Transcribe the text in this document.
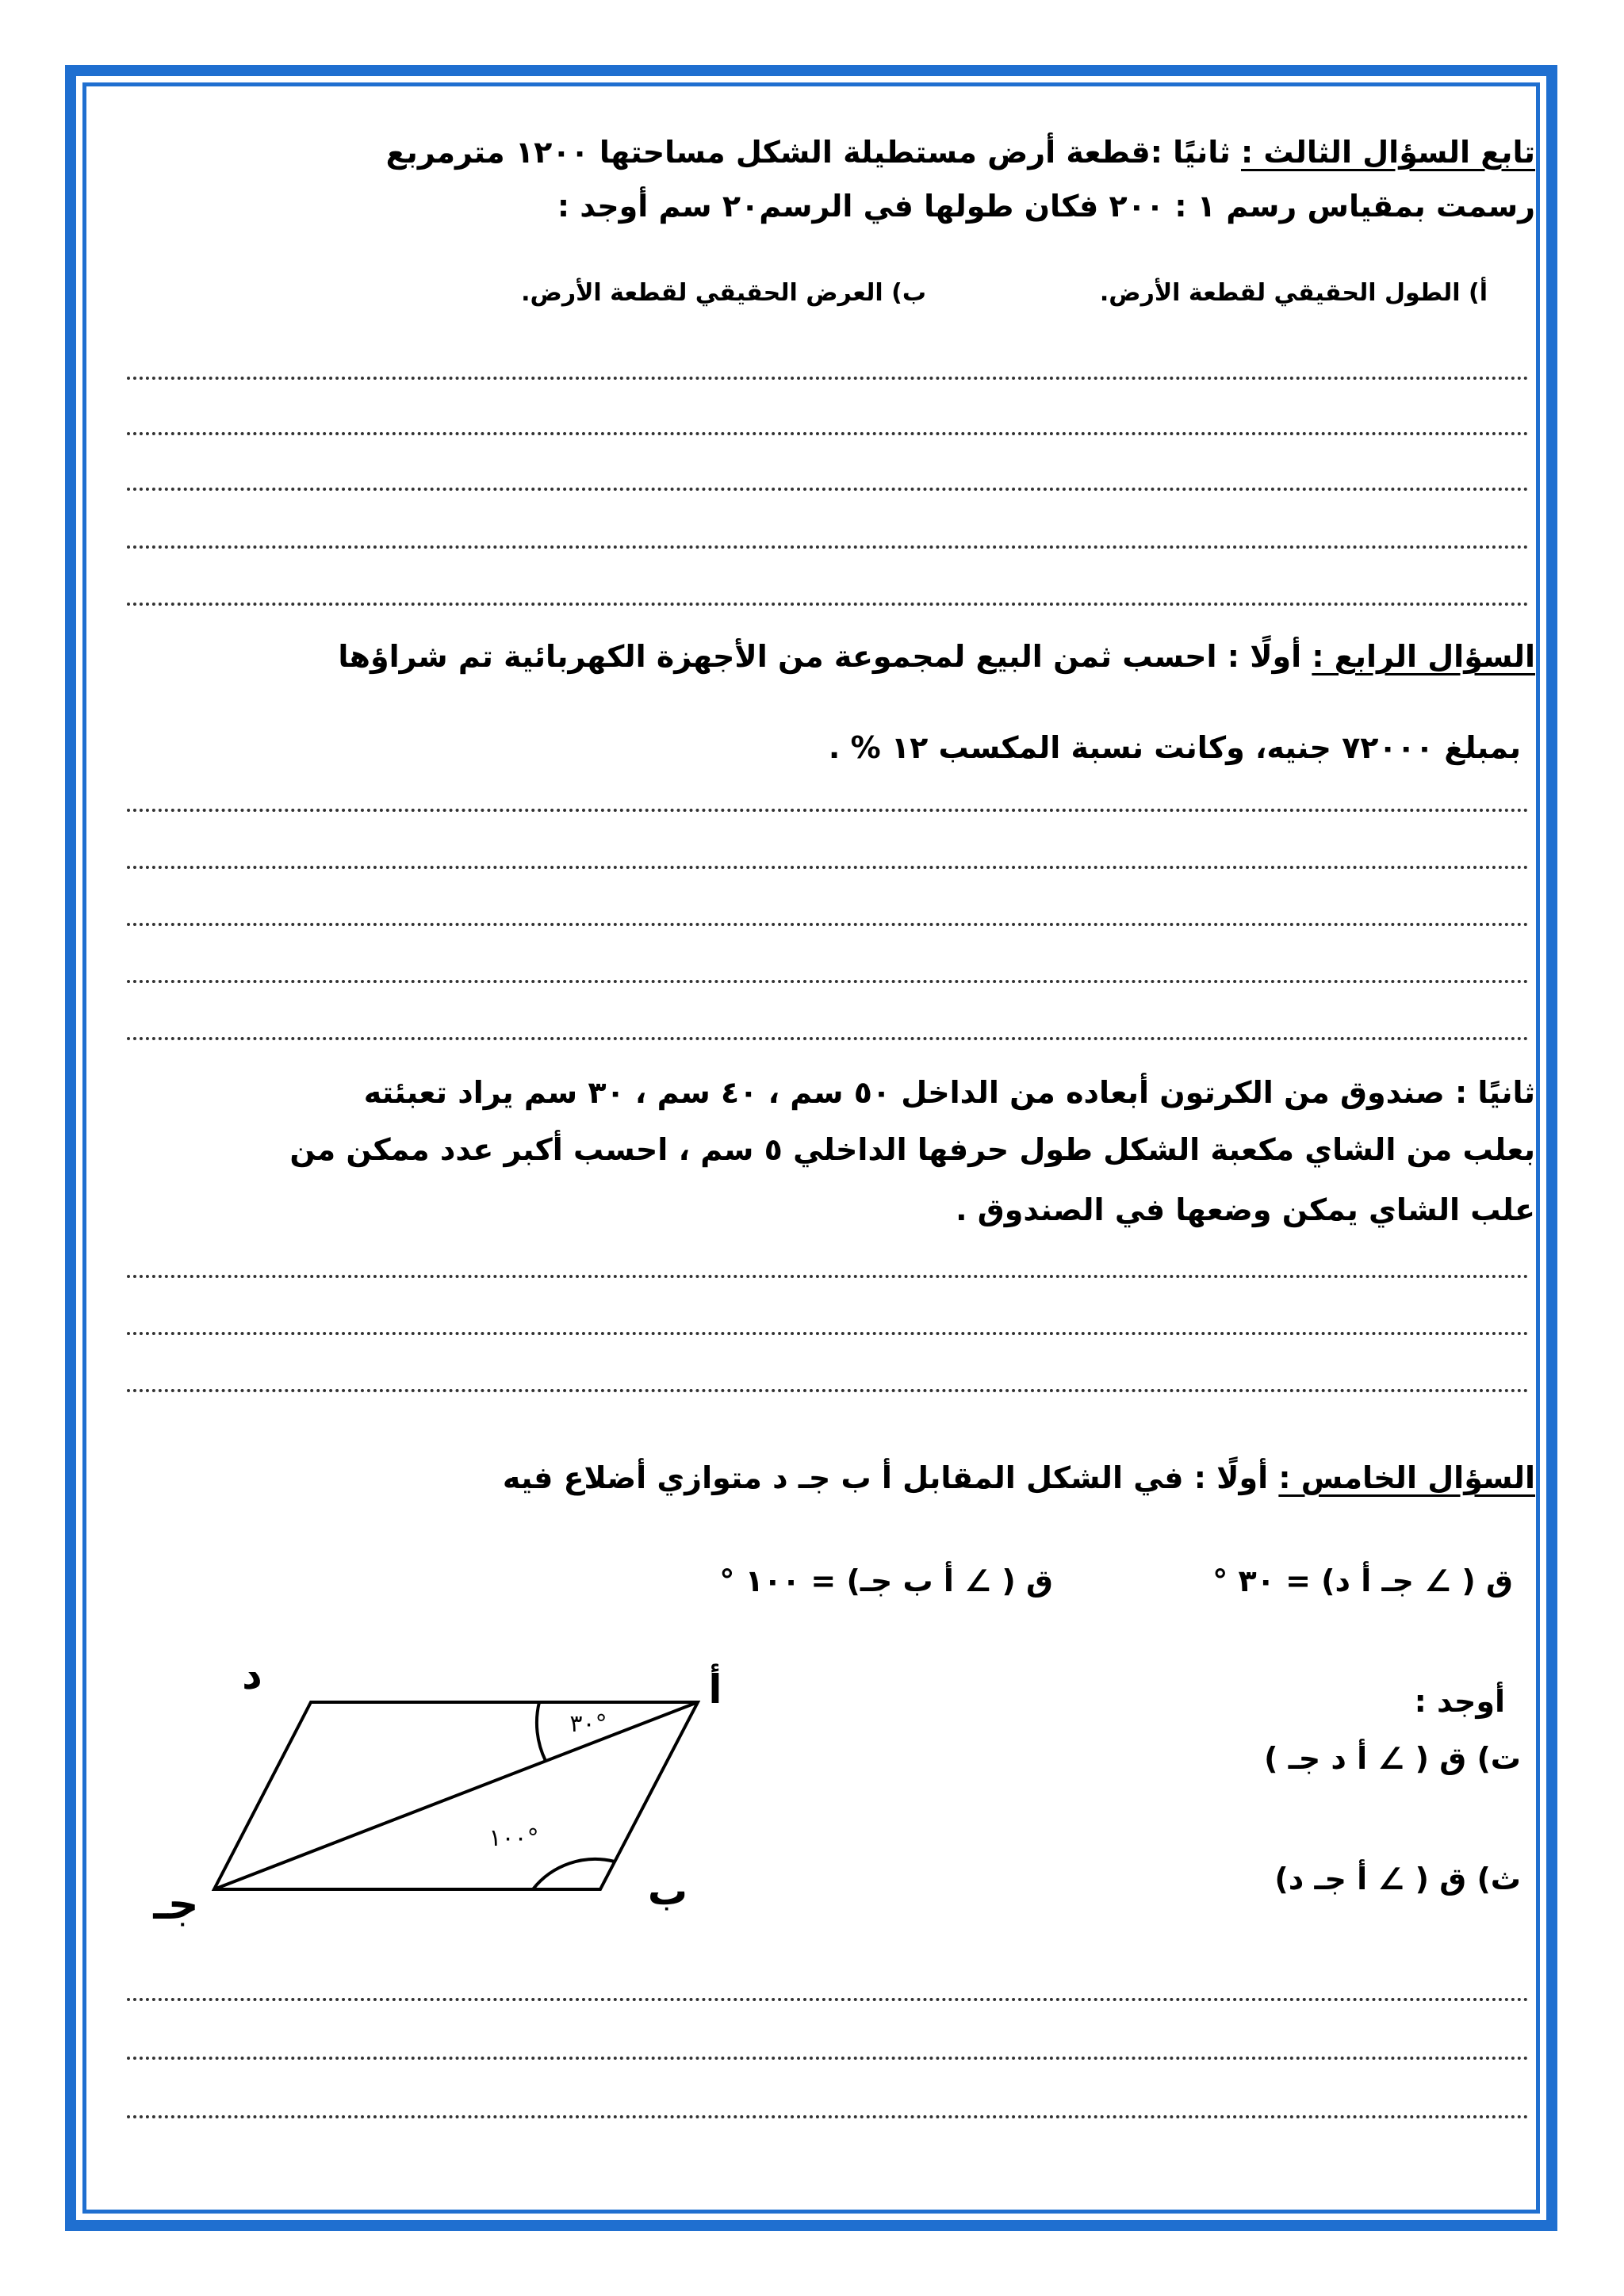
تابع السؤال الثالث : ثانيًا :قطعة أرض مستطيلة الشكل مساحتها ١٢٠٠ مترمربع
رسمت بمقياس رسم ١ : ٢٠٠ فكان طولها في الرسم٢٠ سم أوجد :
أ) الطول الحقيقي لقطعة الأرض.
ب) العرض الحقيقي لقطعة الأرض.
السؤال الرابع : أولًا : احسب ثمن البيع لمجموعة من الأجهزة الكهربائية تم شراؤها
بمبلغ ٧٢٠٠٠ جنيه، وكانت نسبة المكسب ١٢ % .
ثانيًا : صندوق من الكرتون أبعاده من الداخل ٥٠ سم ، ٤٠ سم ، ٣٠ سم يراد تعبئته
بعلب من الشاي مكعبة الشكل طول حرفها الداخلي ٥ سم ، احسب أكبر عدد ممكن من
علب الشاي يمكن وضعها في الصندوق .
السؤال الخامس : أولًا : في الشكل المقابل أ ب جـ د متوازي أضلاع فيه
ق ( ∠ جـ أ د) = ٣٠ °
ق ( ∠ أ ب جـ) = ١٠٠ °
أوجد :
ت) ق ( ∠ أ د جـ )
ث) ق ( ∠ أ جـ د)
أ
ب
جـ
د
٣٠°
١٠٠°
